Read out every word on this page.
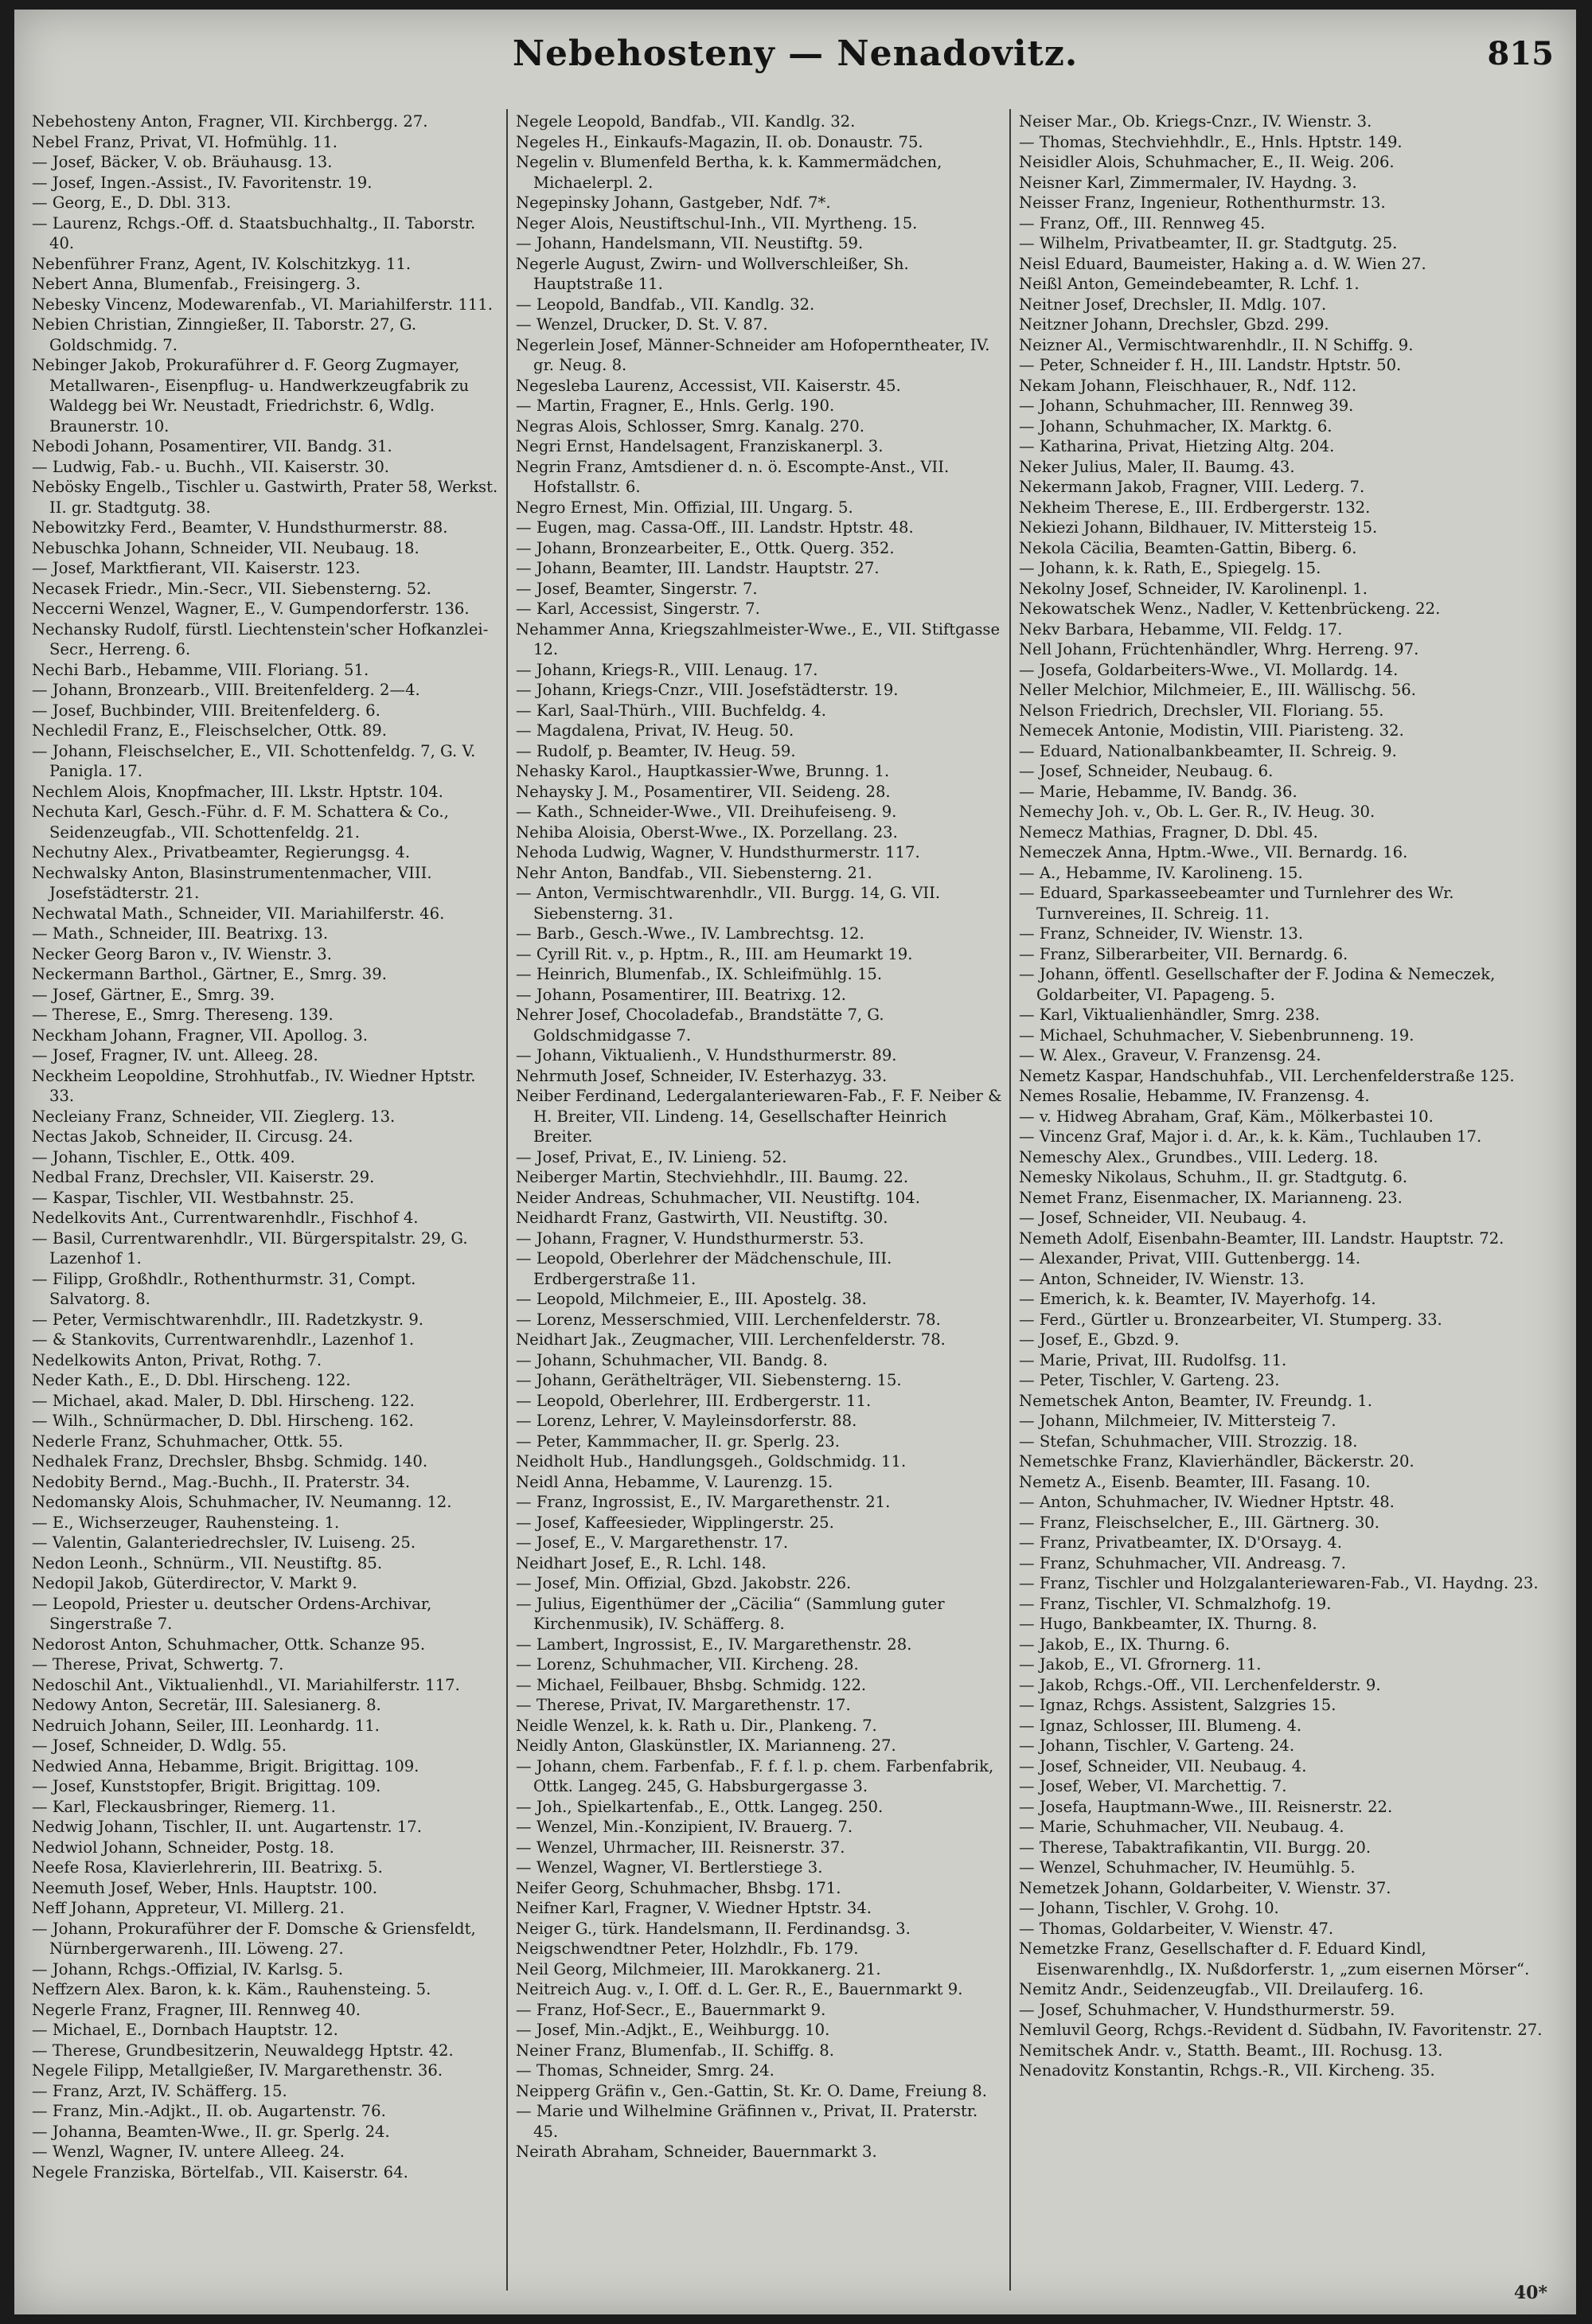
Nebehosteny — Nenadovitz.	815
Nebehosteny Anton, Fragner, VII. Kirchbergg. 27.
Nebel Franz, Privat, VI. Hofmühlg. 11.
— Josef, Bäcker, V. ob. Bräuhausg. 13.
— Josef, Ingen.-Assist., IV. Favoritenstr. 19.
— Georg, E., D. Dbl. 313.
— Laurenz, Rchgs.-Off. d. Staatsbuchhaltg., II. Taborstr. 40.
Nebenführer Franz, Agent, IV. Kolschitzkyg. 11.
Nebert Anna, Blumenfab., Freisingerg. 3.
Nebesky Vincenz, Modewarenfab., VI. Mariahilferstr. 111.
Nebien Christian, Zinngießer, II. Taborstr. 27, G. Goldschmidg. 7.
Nebinger Jakob, Prokuraführer d. F. Georg Zugmayer, Metallwaren-, Eisenpflug- u. Handwerkzeugfabrik zu Waldegg bei Wr. Neustadt, Friedrichstr. 6, Wdlg. Braunerstr. 10.
Nebodi Johann, Posamentirer, VII. Bandg. 31.
— Ludwig, Fab.- u. Buchh., VII. Kaiserstr. 30.
Nebösky Engelb., Tischler u. Gastwirth, Prater 58, Werkst. II. gr. Stadtgutg. 38.
Nebowitzky Ferd., Beamter, V. Hundsthurmerstr. 88.
Nebuschka Johann, Schneider, VII. Neubaug. 18.
— Josef, Marktfierant, VII. Kaiserstr. 123.
Necasek Friedr., Min.-Secr., VII. Siebensterng. 52.
Neccerni Wenzel, Wagner, E., V. Gumpendorferstr. 136.
Nechansky Rudolf, fürstl. Liechtenstein'scher Hofkanzlei-Secr., Herreng. 6.
Nechi Barb., Hebamme, VIII. Floriang. 51.
— Johann, Bronzearb., VIII. Breitenfelderg. 2—4.
— Josef, Buchbinder, VIII. Breitenfelderg. 6.
Nechledil Franz, E., Fleischselcher, Ottk. 89.
— Johann, Fleischselcher, E., VII. Schottenfeldg. 7, G. V. Panigla. 17.
Nechlem Alois, Knopfmacher, III. Lkstr. Hptstr. 104.
Nechuta Karl, Gesch.-Führ. d. F. M. Schattera & Co., Seidenzeugfab., VII. Schottenfeldg. 21.
Nechutny Alex., Privatbeamter, Regierungsg. 4.
Nechwalsky Anton, Blasinstrumentenmacher, VIII. Josefstädterstr. 21.
Nechwatal Math., Schneider, VII. Mariahilferstr. 46.
— Math., Schneider, III. Beatrixg. 13.
Necker Georg Baron v., IV. Wienstr. 3.
Neckermann Barthol., Gärtner, E., Smrg. 39.
— Josef, Gärtner, E., Smrg. 39.
— Therese, E., Smrg. Thereseng. 139.
Neckham Johann, Fragner, VII. Apollog. 3.
— Josef, Fragner, IV. unt. Alleeg. 28.
Neckheim Leopoldine, Strohhutfab., IV. Wiedner Hptstr. 33.
Necleiany Franz, Schneider, VII. Zieglerg. 13.
Nectas Jakob, Schneider, II. Circusg. 24.
— Johann, Tischler, E., Ottk. 409.
Nedbal Franz, Drechsler, VII. Kaiserstr. 29.
— Kaspar, Tischler, VII. Westbahnstr. 25.
Nedelkovits Ant., Currentwarenhdlr., Fischhof 4.
— Basil, Currentwarenhdlr., VII. Bürgerspitalstr. 29, G. Lazenhof 1.
— Filipp, Großhdlr., Rothenthurmstr. 31, Compt. Salvatorg. 8.
— Peter, Vermischtwarenhdlr., III. Radetzkystr. 9.
— & Stankovits, Currentwarenhdlr., Lazenhof 1.
Nedelkowits Anton, Privat, Rothg. 7.
Neder Kath., E., D. Dbl. Hirscheng. 122.
— Michael, akad. Maler, D. Dbl. Hirscheng. 122.
— Wilh., Schnürmacher, D. Dbl. Hirscheng. 162.
Nederle Franz, Schuhmacher, Ottk. 55.
Nedhalek Franz, Drechsler, Bhsbg. Schmidg. 140.
Nedobity Bernd., Mag.-Buchh., II. Praterstr. 34.
Nedomansky Alois, Schuhmacher, IV. Neumanng. 12.
— E., Wichserzeuger, Rauhensteing. 1.
— Valentin, Galanteriedrechsler, IV. Luiseng. 25.
Nedon Leonh., Schnürm., VII. Neustiftg. 85.
Nedopil Jakob, Güterdirector, V. Markt 9.
— Leopold, Priester u. deutscher Ordens-Archivar, Singerstraße 7.
Nedorost Anton, Schuhmacher, Ottk. Schanze 95.
— Therese, Privat, Schwertg. 7.
Nedoschil Ant., Viktualienhdl., VI. Mariahilferstr. 117.
Nedowy Anton, Secretär, III. Salesianerg. 8.
Nedruich Johann, Seiler, III. Leonhardg. 11.
— Josef, Schneider, D. Wdlg. 55.
Nedwied Anna, Hebamme, Brigit. Brigittag. 109.
— Josef, Kunststopfer, Brigit. Brigittag. 109.
— Karl, Fleckausbringer, Riemerg. 11.
Nedwig Johann, Tischler, II. unt. Augartenstr. 17.
Nedwiol Johann, Schneider, Postg. 18.
Neefe Rosa, Klavierlehrerin, III. Beatrixg. 5.
Neemuth Josef, Weber, Hnls. Hauptstr. 100.
Neff Johann, Appreteur, VI. Millerg. 21.
— Johann, Prokuraführer der F. Domsche & Griensfeldt, Nürnbergerwarenh., III. Löweng. 27.
— Johann, Rchgs.-Offizial, IV. Karlsg. 5.
Neffzern Alex. Baron, k. k. Käm., Rauhensteing. 5.
Negerle Franz, Fragner, III. Rennweg 40.
— Michael, E., Dornbach Hauptstr. 12.
— Therese, Grundbesitzerin, Neuwaldegg Hptstr. 42.
Negele Filipp, Metallgießer, IV. Margarethenstr. 36.
— Franz, Arzt, IV. Schäfferg. 15.
— Franz, Min.-Adjkt., II. ob. Augartenstr. 76.
— Johanna, Beamten-Wwe., II. gr. Sperlg. 24.
— Wenzl, Wagner, IV. untere Alleeg. 24.
Negele Franziska, Börtelfab., VII. Kaiserstr. 64.
Negele Leopold, Bandfab., VII. Kandlg. 32.
Negeles H., Einkaufs-Magazin, II. ob. Donaustr. 75.
Negelin v. Blumenfeld Bertha, k. k. Kammermädchen, Michaelerpl. 2.
Negepinsky Johann, Gastgeber, Ndf. 7*.
Neger Alois, Neustiftschul-Inh., VII. Myrtheng. 15.
— Johann, Handelsmann, VII. Neustiftg. 59.
Negerle August, Zwirn- und Wollverschleißer, Sh. Hauptstraße 11.
— Leopold, Bandfab., VII. Kandlg. 32.
— Wenzel, Drucker, D. St. V. 87.
Negerlein Josef, Männer-Schneider am Hofoperntheater, IV. gr. Neug. 8.
Negesleba Laurenz, Accessist, VII. Kaiserstr. 45.
— Martin, Fragner, E., Hnls. Gerlg. 190.
Negras Alois, Schlosser, Smrg. Kanalg. 270.
Negri Ernst, Handelsagent, Franziskanerpl. 3.
Negrin Franz, Amtsdiener d. n. ö. Escompte-Anst., VII. Hofstallstr. 6.
Negro Ernest, Min. Offizial, III. Ungarg. 5.
— Eugen, mag. Cassa-Off., III. Landstr. Hptstr. 48.
— Johann, Bronzearbeiter, E., Ottk. Querg. 352.
— Johann, Beamter, III. Landstr. Hauptstr. 27.
— Josef, Beamter, Singerstr. 7.
— Karl, Accessist, Singerstr. 7.
Nehammer Anna, Kriegszahlmeister-Wwe., E., VII. Stiftgasse 12.
— Johann, Kriegs-R., VIII. Lenaug. 17.
— Johann, Kriegs-Cnzr., VIII. Josefstädterstr. 19.
— Karl, Saal-Thürh., VIII. Buchfeldg. 4.
— Magdalena, Privat, IV. Heug. 50.
— Rudolf, p. Beamter, IV. Heug. 59.
Nehasky Karol., Hauptkassier-Wwe, Brunng. 1.
Nehaysky J. M., Posamentirer, VII. Seideng. 28.
— Kath., Schneider-Wwe., VII. Dreihufeiseng. 9.
Nehiba Aloisia, Oberst-Wwe., IX. Porzellang. 23.
Nehoda Ludwig, Wagner, V. Hundsthurmerstr. 117.
Nehr Anton, Bandfab., VII. Siebensterng. 21.
— Anton, Vermischtwarenhdlr., VII. Burgg. 14, G. VII. Siebensterng. 31.
— Barb., Gesch.-Wwe., IV. Lambrechtsg. 12.
— Cyrill Rit. v., p. Hptm., R., III. am Heumarkt 19.
— Heinrich, Blumenfab., IX. Schleifmühlg. 15.
— Johann, Posamentirer, III. Beatrixg. 12.
Nehrer Josef, Chocoladefab., Brandstätte 7, G. Goldschmidgasse 7.
— Johann, Viktualienh., V. Hundsthurmerstr. 89.
Nehrmuth Josef, Schneider, IV. Esterhazyg. 33.
Neiber Ferdinand, Ledergalanteriewaren-Fab., F. F. Neiber & H. Breiter, VII. Lindeng. 14, Gesellschafter Heinrich Breiter.
— Josef, Privat, E., IV. Linieng. 52.
Neiberger Martin, Stechviehhdlr., III. Baumg. 22.
Neider Andreas, Schuhmacher, VII. Neustiftg. 104.
Neidhardt Franz, Gastwirth, VII. Neustiftg. 30.
— Johann, Fragner, V. Hundsthurmerstr. 53.
— Leopold, Oberlehrer der Mädchenschule, III. Erdbergerstraße 11.
— Leopold, Milchmeier, E., III. Apostelg. 38.
— Lorenz, Messerschmied, VIII. Lerchenfelderstr. 78.
Neidhart Jak., Zeugmacher, VIII. Lerchenfelderstr. 78.
— Johann, Schuhmacher, VII. Bandg. 8.
— Johann, Geräthelträger, VII. Siebensterng. 15.
— Leopold, Oberlehrer, III. Erdbergerstr. 11.
— Lorenz, Lehrer, V. Mayleinsdorferstr. 88.
— Peter, Kammmacher, II. gr. Sperlg. 23.
Neidholt Hub., Handlungsgeh., Goldschmidg. 11.
Neidl Anna, Hebamme, V. Laurenzg. 15.
— Franz, Ingrossist, E., IV. Margarethenstr. 21.
— Josef, Kaffeesieder, Wipplingerstr. 25.
— Josef, E., V. Margarethenstr. 17.
Neidhart Josef, E., R. Lchl. 148.
— Josef, Min. Offizial, Gbzd. Jakobstr. 226.
— Julius, Eigenthümer der „Cäcilia“ (Sammlung guter Kirchenmusik), IV. Schäfferg. 8.
— Lambert, Ingrossist, E., IV. Margarethenstr. 28.
— Lorenz, Schuhmacher, VII. Kircheng. 28.
— Michael, Feilbauer, Bhsbg. Schmidg. 122.
— Therese, Privat, IV. Margarethenstr. 17.
Neidle Wenzel, k. k. Rath u. Dir., Plankeng. 7.
Neidly Anton, Glaskünstler, IX. Marianneng. 27.
— Johann, chem. Farbenfab., F. f. f. l. p. chem. Farbenfabrik, Ottk. Langeg. 245, G. Habsburgergasse 3.
— Joh., Spielkartenfab., E., Ottk. Langeg. 250.
— Wenzel, Min.-Konzipient, IV. Brauerg. 7.
— Wenzel, Uhrmacher, III. Reisnerstr. 37.
— Wenzel, Wagner, VI. Bertlerstiege 3.
Neifer Georg, Schuhmacher, Bhsbg. 171.
Neifner Karl, Fragner, V. Wiedner Hptstr. 34.
Neiger G., türk. Handelsmann, II. Ferdinandsg. 3.
Neigschwendtner Peter, Holzhdlr., Fb. 179.
Neil Georg, Milchmeier, III. Marokkanerg. 21.
Neitreich Aug. v., I. Off. d. L. Ger. R., E., Bauernmarkt 9.
— Franz, Hof-Secr., E., Bauernmarkt 9.
— Josef, Min.-Adjkt., E., Weihburgg. 10.
Neiner Franz, Blumenfab., II. Schiffg. 8.
— Thomas, Schneider, Smrg. 24.
Neipperg Gräfin v., Gen.-Gattin, St. Kr. O. Dame, Freiung 8.
— Marie und Wilhelmine Gräfinnen v., Privat, II. Praterstr. 45.
Neirath Abraham, Schneider, Bauernmarkt 3.
Neiser Mar., Ob. Kriegs-Cnzr., IV. Wienstr. 3.
— Thomas, Stechviehhdlr., E., Hnls. Hptstr. 149.
Neisidler Alois, Schuhmacher, E., II. Weig. 206.
Neisner Karl, Zimmermaler, IV. Haydng. 3.
Neisser Franz, Ingenieur, Rothenthurmstr. 13.
— Franz, Off., III. Rennweg 45.
— Wilhelm, Privatbeamter, II. gr. Stadtgutg. 25.
Neisl Eduard, Baumeister, Haking a. d. W. Wien 27.
Neißl Anton, Gemeindebeamter, R. Lchf. 1.
Neitner Josef, Drechsler, II. Mdlg. 107.
Neitzner Johann, Drechsler, Gbzd. 299.
Neizner Al., Vermischtwarenhdlr., II. N Schiffg. 9.
— Peter, Schneider f. H., III. Landstr. Hptstr. 50.
Nekam Johann, Fleischhauer, R., Ndf. 112.
— Johann, Schuhmacher, III. Rennweg 39.
— Johann, Schuhmacher, IX. Marktg. 6.
— Katharina, Privat, Hietzing Altg. 204.
Neker Julius, Maler, II. Baumg. 43.
Nekermann Jakob, Fragner, VIII. Lederg. 7.
Nekheim Therese, E., III. Erdbergerstr. 132.
Nekiezi Johann, Bildhauer, IV. Mittersteig 15.
Nekola Cäcilia, Beamten-Gattin, Biberg. 6.
— Johann, k. k. Rath, E., Spiegelg. 15.
Nekolny Josef, Schneider, IV. Karolinenpl. 1.
Nekowatschek Wenz., Nadler, V. Kettenbrückeng. 22.
Nekv Barbara, Hebamme, VII. Feldg. 17.
Nell Johann, Früchtenhändler, Whrg. Herreng. 97.
— Josefa, Goldarbeiters-Wwe., VI. Mollardg. 14.
Neller Melchior, Milchmeier, E., III. Wällischg. 56.
Nelson Friedrich, Drechsler, VII. Floriang. 55.
Nemecek Antonie, Modistin, VIII. Piaristeng. 32.
— Eduard, Nationalbankbeamter, II. Schreig. 9.
— Josef, Schneider, Neubaug. 6.
— Marie, Hebamme, IV. Bandg. 36.
Nemechy Joh. v., Ob. L. Ger. R., IV. Heug. 30.
Nemecz Mathias, Fragner, D. Dbl. 45.
Nemeczek Anna, Hptm.-Wwe., VII. Bernardg. 16.
— A., Hebamme, IV. Karolineng. 15.
— Eduard, Sparkasseebeamter und Turnlehrer des Wr. Turnvereines, II. Schreig. 11.
— Franz, Schneider, IV. Wienstr. 13.
— Franz, Silberarbeiter, VII. Bernardg. 6.
— Johann, öffentl. Gesellschafter der F. Jodina & Nemeczek, Goldarbeiter, VI. Papageng. 5.
— Karl, Viktualienhändler, Smrg. 238.
— Michael, Schuhmacher, V. Siebenbrunneng. 19.
— W. Alex., Graveur, V. Franzensg. 24.
Nemetz Kaspar, Handschuhfab., VII. Lerchenfelderstraße 125.
Nemes Rosalie, Hebamme, IV. Franzensg. 4.
— v. Hidweg Abraham, Graf, Käm., Mölkerbastei 10.
— Vincenz Graf, Major i. d. Ar., k. k. Käm., Tuchlauben 17.
Nemeschy Alex., Grundbes., VIII. Lederg. 18.
Nemesky Nikolaus, Schuhm., II. gr. Stadtgutg. 6.
Nemet Franz, Eisenmacher, IX. Marianneng. 23.
— Josef, Schneider, VII. Neubaug. 4.
Nemeth Adolf, Eisenbahn-Beamter, III. Landstr. Hauptstr. 72.
— Alexander, Privat, VIII. Guttenbergg. 14.
— Anton, Schneider, IV. Wienstr. 13.
— Emerich, k. k. Beamter, IV. Mayerhofg. 14.
— Ferd., Gürtler u. Bronzearbeiter, VI. Stumperg. 33.
— Josef, E., Gbzd. 9.
— Marie, Privat, III. Rudolfsg. 11.
— Peter, Tischler, V. Garteng. 23.
Nemetschek Anton, Beamter, IV. Freundg. 1.
— Johann, Milchmeier, IV. Mittersteig 7.
— Stefan, Schuhmacher, VIII. Strozzig. 18.
Nemetschke Franz, Klavierhändler, Bäckerstr. 20.
Nemetz A., Eisenb. Beamter, III. Fasang. 10.
— Anton, Schuhmacher, IV. Wiedner Hptstr. 48.
— Franz, Fleischselcher, E., III. Gärtnerg. 30.
— Franz, Privatbeamter, IX. D'Orsayg. 4.
— Franz, Schuhmacher, VII. Andreasg. 7.
— Franz, Tischler und Holzgalanteriewaren-Fab., VI. Haydng. 23.
— Franz, Tischler, VI. Schmalzhofg. 19.
— Hugo, Bankbeamter, IX. Thurng. 8.
— Jakob, E., IX. Thurng. 6.
— Jakob, E., VI. Gfrornerg. 11.
— Jakob, Rchgs.-Off., VII. Lerchenfelderstr. 9.
— Ignaz, Rchgs. Assistent, Salzgries 15.
— Ignaz, Schlosser, III. Blumeng. 4.
— Johann, Tischler, V. Garteng. 24.
— Josef, Schneider, VII. Neubaug. 4.
— Josef, Weber, VI. Marchettig. 7.
— Josefa, Hauptmann-Wwe., III. Reisnerstr. 22.
— Marie, Schuhmacher, VII. Neubaug. 4.
— Therese, Tabaktrafikantin, VII. Burgg. 20.
— Wenzel, Schuhmacher, IV. Heumühlg. 5.
Nemetzek Johann, Goldarbeiter, V. Wienstr. 37.
— Johann, Tischler, V. Grohg. 10.
— Thomas, Goldarbeiter, V. Wienstr. 47.
Nemetzke Franz, Gesellschafter d. F. Eduard Kindl, Eisenwarenhdlg., IX. Nußdorferstr. 1, „zum eisernen Mörser“.
Nemitz Andr., Seidenzeugfab., VII. Dreilauferg. 16.
— Josef, Schuhmacher, V. Hundsthurmerstr. 59.
Nemluvil Georg, Rchgs.-Revident d. Südbahn, IV. Favoritenstr. 27.
Nemitschek Andr. v., Statth. Beamt., III. Rochusg. 13.
Nenadovitz Konstantin, Rchgs.-R., VII. Kircheng. 35.
40*
